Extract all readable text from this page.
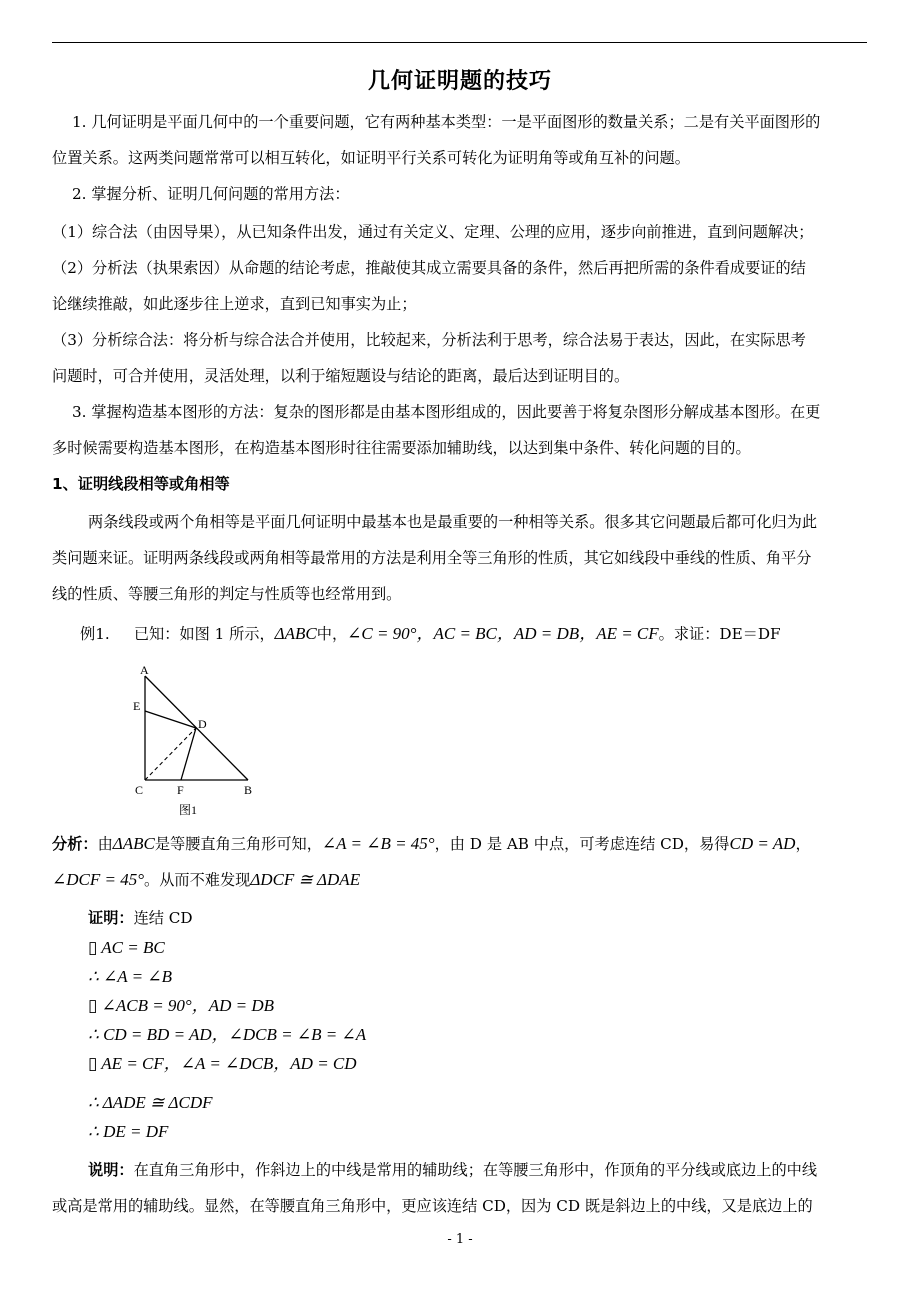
几何证明题的技巧
1. 几何证明是平面几何中的一个重要问题，它有两种基本类型：一是平面图形的数量关系；二是有关平面图形的
位置关系。这两类问题常常可以相互转化，如证明平行关系可转化为证明角等或角互补的问题。
2. 掌握分析、证明几何问题的常用方法：
（1）综合法（由因导果），从已知条件出发，通过有关定义、定理、公理的应用，逐步向前推进，直到问题解决；
（2）分析法（执果索因）从命题的结论考虑，推敲使其成立需要具备的条件，然后再把所需的条件看成要证的结
论继续推敲，如此逐步往上逆求，直到已知事实为止；
（3）分析综合法：将分析与综合法合并使用，比较起来，分析法利于思考，综合法易于表达，因此，在实际思考
问题时，可合并使用，灵活处理，以利于缩短题设与结论的距离，最后达到证明目的。
3. 掌握构造基本图形的方法：复杂的图形都是由基本图形组成的，因此要善于将复杂图形分解成基本图形。在更
多时候需要构造基本图形，在构造基本图形时往往需要添加辅助线，以达到集中条件、转化问题的目的。
1、证明线段相等或角相等
两条线段或两个角相等是平面几何证明中最基本也是最重要的一种相等关系。很多其它问题最后都可化归为此
类问题来证。证明两条线段或两角相等最常用的方法是利用全等三角形的性质，其它如线段中垂线的性质、角平分
线的性质、等腰三角形的判定与性质等也经常用到。
例1. 已知：如图 1 所示，ΔABC中，∠C = 90°，AC = BC，AD = DB，AE = CF。求证：DE＝DF
A
E
D
C	F	B
图1
分析：由ΔABC是等腰直角三角形可知，∠A = ∠B = 45°，由 D 是 AB 中点，可考虑连结 CD，易得CD = AD，
∠DCF = 45°。从而不难发现ΔDCF ≅ ΔDAE
证明：连结 CD
▯ AC = BC
∴ ∠A = ∠B
▯ ∠ACB = 90°，AD = DB
∴ CD = BD = AD，∠DCB = ∠B = ∠A
▯ AE = CF，∠A = ∠DCB，AD = CD
∴ ΔADE ≅ ΔCDF
∴ DE = DF
说明：在直角三角形中，作斜边上的中线是常用的辅助线；在等腰三角形中，作顶角的平分线或底边上的中线
或高是常用的辅助线。显然，在等腰直角三角形中，更应该连结 CD，因为 CD 既是斜边上的中线，又是底边上的
- 1 -
